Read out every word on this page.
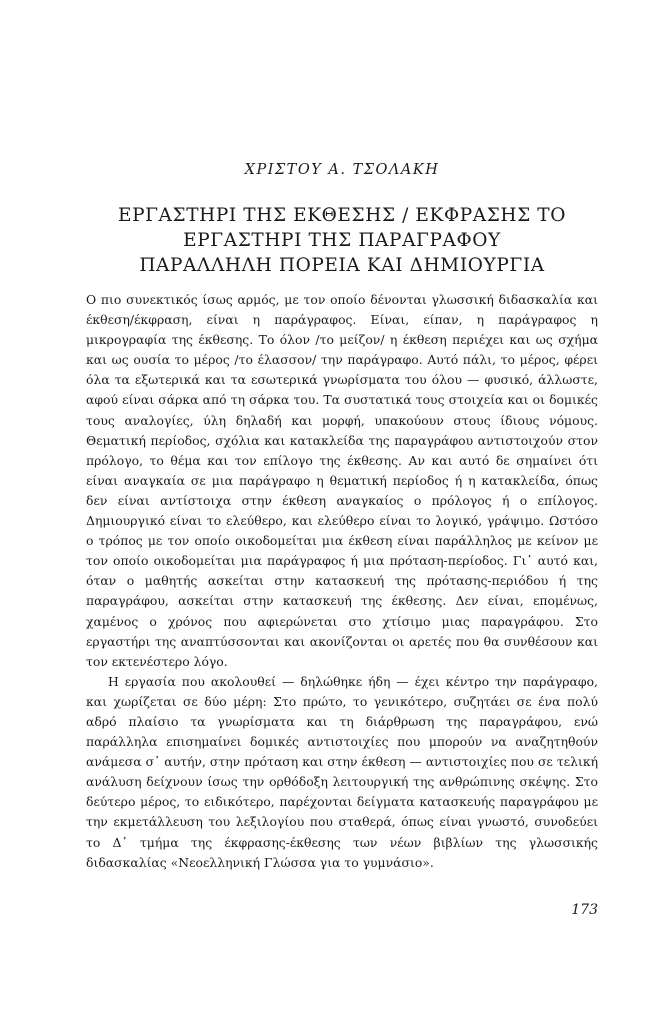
ΧΡΙΣΤΟΥ Α. ΤΣΟΛΑΚΗ
ΕΡΓΑΣΤΗΡΙ ΤΗΣ ΕΚΘΕΣΗΣ / ΕΚΦΡΑΣΗΣ ΤΟ
ΕΡΓΑΣΤΗΡΙ ΤΗΣ ΠΑΡΑΓΡΑΦΟΥ
ΠΑΡΑΛΛΗΛΗ ΠΟΡΕΙΑ ΚΑΙ ΔΗΜΙΟΥΡΓΙΑ

Ο πιο συνεκτικός ίσως αρμός, με τον οποίο δένονται γλωσσική διδασκαλία και έκθεση/έκφραση, είναι η παράγραφος. Είναι, είπαν, η παράγραφος η μικρογραφία της έκθεσης. Το όλον /το μείζον/ η έκθεση περιέχει και ως σχήμα και ως ουσία το μέρος /το έλασσον/ την παράγραφο. Αυτό πάλι, το μέρος, φέρει όλα τα εξωτερικά και τα εσωτερικά γνωρίσματα του όλου — φυσικό, άλλωστε, αφού είναι σάρκα από τη σάρκα του. Τα συστατικά τους στοιχεία και οι δομικές τους αναλογίες, ύλη δηλαδή και μορφή, υπακούουν στους ίδιους νόμους. Θεματική περίοδος, σχόλια και κατακλείδα της παραγράφου αντιστοιχούν στον πρόλογο, το θέμα και τον επίλογο της έκθεσης. Αν και αυτό δε σημαίνει ότι είναι αναγκαία σε μια παράγραφο η θεματική περίοδος ή η κατακλείδα, όπως δεν είναι αντίστοιχα στην έκθεση αναγκαίος ο πρόλογος ή ο επίλογος. Δημιουργικό είναι το ελεύθερο, και ελεύθερο είναι το λογικό, γράψιμο. Ωστόσο ο τρόπος με τον οποίο οικοδομείται μια έκθεση είναι παράλληλος με κείνον με τον οποίο οικοδομείται μια παράγραφος ή μια πρόταση-περίοδος. Γι᾽ αυτό και, όταν ο μαθητής ασκείται στην κατασκευή της πρότασης-περιόδου ή της παραγράφου, ασκείται στην κατασκευή της έκθεσης. Δεν είναι, επομένως, χαμένος ο χρόνος που αφιερώνεται στο χτίσιμο μιας παραγράφου. Στο εργαστήρι της αναπτύσσονται και ακονίζονται οι αρετές που θα συνθέσουν και τον εκτενέστερο λόγο.

Η εργασία που ακολουθεί — δηλώθηκε ήδη — έχει κέντρο την παράγραφο, και χωρίζεται σε δύο μέρη: Στο πρώτο, το γενικότερο, συζητάει σε ένα πολύ αδρό πλαίσιο τα γνωρίσματα και τη διάρθρωση της παραγράφου, ενώ παράλληλα επισημαίνει δομικές αντιστοιχίες που μπορούν να αναζητηθούν ανάμεσα σ᾽ αυτήν, στην πρόταση και στην έκθεση — αντιστοιχίες που σε τελική ανάλυση δείχνουν ίσως την ορθόδοξη λειτουργική της ανθρώπινης σκέψης. Στο δεύτερο μέρος, το ειδικότερο, παρέχονται δείγματα κατασκευής παραγράφου με την εκμετάλλευση του λεξιλογίου που σταθερά, όπως είναι γνωστό, συνοδεύει το Δ᾽ τμήμα της έκφρασης-έκθεσης των νέων βιβλίων της γλωσσικής διδασκαλίας «Νεοελληνική Γλώσσα για το γυμνάσιο».

173
